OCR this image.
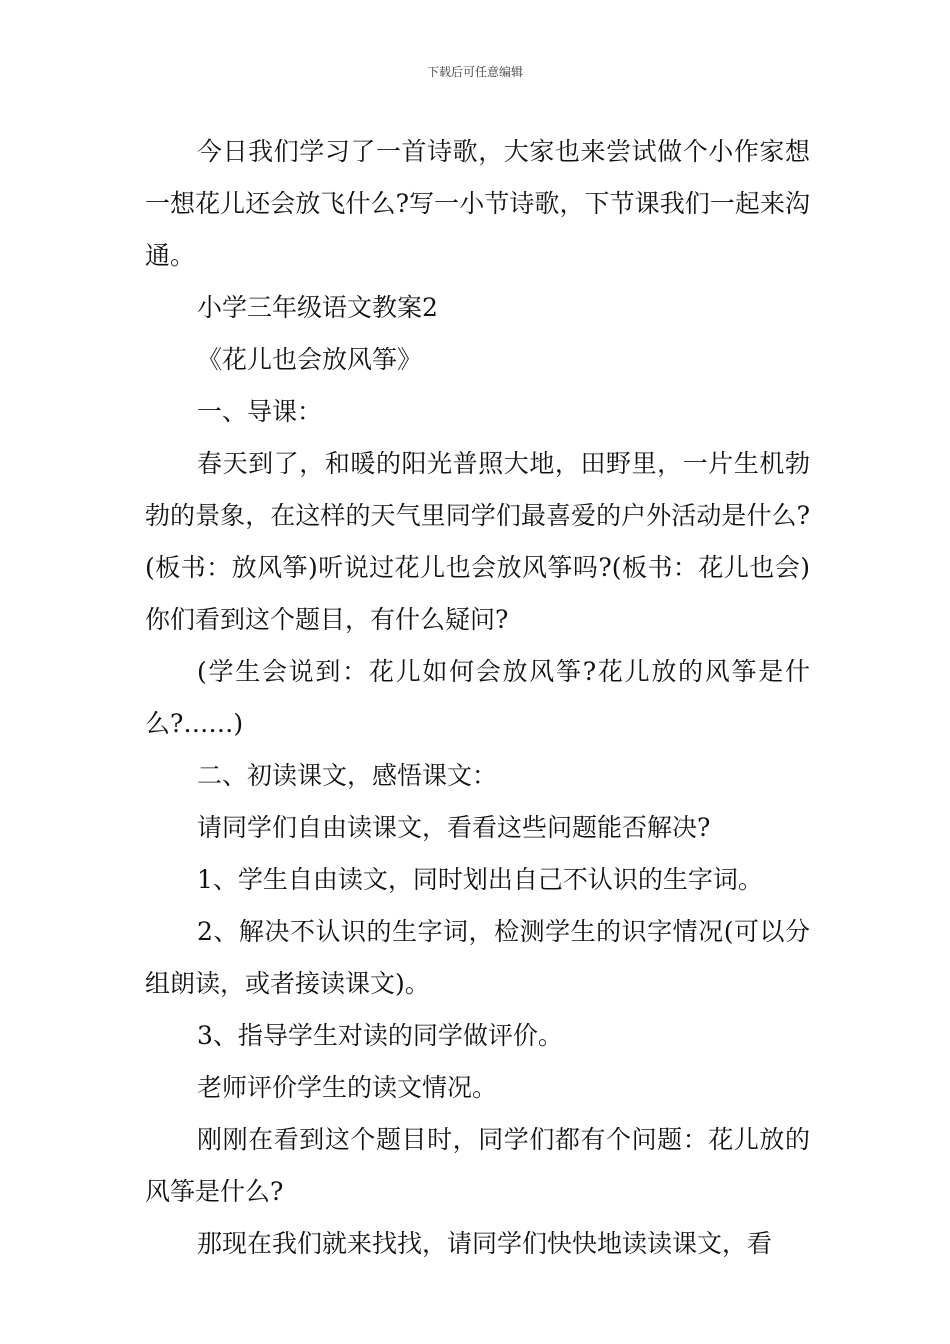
下载后可任意编辑

今日我们学习了一首诗歌，大家也来尝试做个小作家想一想花儿还会放飞什么?写一小节诗歌，下节课我们一起来沟通。

小学三年级语文教案2

《花儿也会放风筝》

一、导课：

春天到了，和暖的阳光普照大地，田野里，一片生机勃勃的景象，在这样的天气里同学们最喜爱的户外活动是什么?(板书：放风筝)听说过花儿也会放风筝吗?(板书：花儿也会)你们看到这个题目，有什么疑问?

(学生会说到：花儿如何会放风筝?花儿放的风筝是什么?……)

二、初读课文，感悟课文：

请同学们自由读课文，看看这些问题能否解决?

1、学生自由读文，同时划出自己不认识的生字词。

2、解决不认识的生字词，检测学生的识字情况(可以分组朗读，或者接读课文)。

3、指导学生对读的同学做评价。

老师评价学生的读文情况。

刚刚在看到这个题目时，同学们都有个问题：花儿放的风筝是什么?

那现在我们就来找找，请同学们快快地读读课文，看
